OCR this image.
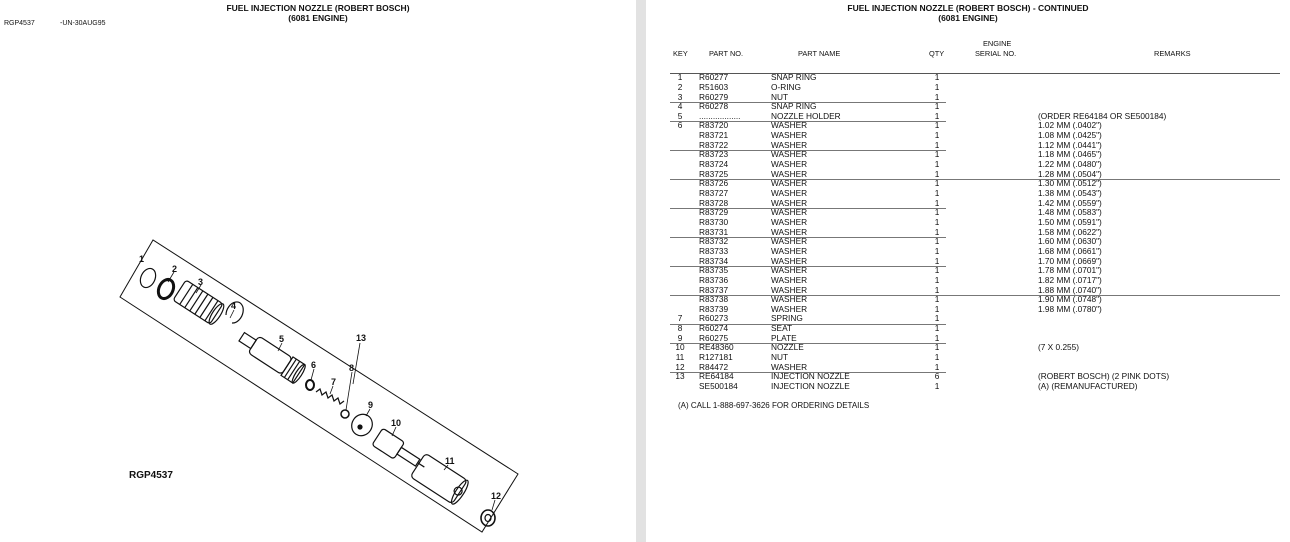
FUEL INJECTION NOZZLE (ROBERT BOSCH)
(6081 ENGINE)
RGP4537	-UN-30AUG95
1
2
3
4
5
6
7
8
9
10
11
12
13
RGP4537
FUEL INJECTION NOZZLE (ROBERT BOSCH) - CONTINUED
(6081 ENGINE)
KEY	PART NO.	PART NAME	QTY
ENGINE
SERIAL NO.	REMARKS
1	R60277	SNAP RING	1
2	R51603	O-RING	1
3	R60279	NUT	1
4	R60278	SNAP RING	1
5	..................	NOZZLE HOLDER	1	(ORDER RE64184 OR SE500184)
6	R83720	WASHER	1	1.02 MM (.0402")
R83721	WASHER	1	1.08 MM (.0425")
R83722	WASHER	1	1.12 MM (.0441")
R83723	WASHER	1	1.18 MM (.0465")
R83724	WASHER	1	1.22 MM (.0480")
R83725	WASHER	1	1.28 MM (.0504")
R83726	WASHER	1	1.30 MM (.0512")
R83727	WASHER	1	1.38 MM (.0543")
R83728	WASHER	1	1.42 MM (.0559")
R83729	WASHER	1	1.48 MM (.0583")
R83730	WASHER	1	1.50 MM (.0591")
R83731	WASHER	1	1.58 MM (.0622")
R83732	WASHER	1	1.60 MM (.0630")
R83733	WASHER	1	1.68 MM (.0661")
R83734	WASHER	1	1.70 MM (.0669")
R83735	WASHER	1	1.78 MM (.0701")
R83736	WASHER	1	1.82 MM (.0717")
R83737	WASHER	1	1.88 MM (.0740")
R83738	WASHER	1	1.90 MM (.0748")
R83739	WASHER	1	1.98 MM (.0780")
7	R60273	SPRING	1
8	R60274	SEAT	1
9	R60275	PLATE	1
10	RE48360	NOZZLE	1	(7 X 0.255)
11	R127181	NUT	1
12	R84472	WASHER	1
13	RE64184	INJECTION NOZZLE	6	(ROBERT BOSCH) (2 PINK DOTS)
SE500184	INJECTION NOZZLE	1	(A) (REMANUFACTURED)
(A) CALL 1-888-697-3626 FOR ORDERING DETAILS
